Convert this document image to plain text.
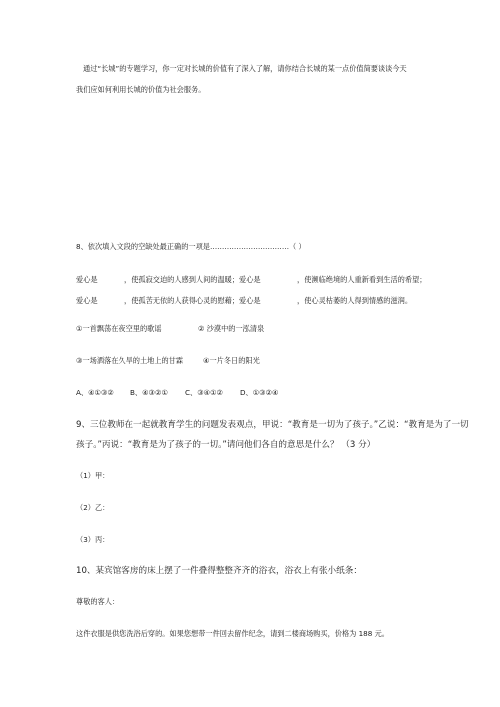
通过“长城”的专题学习，你一定对长城的价值有了深入了解，请你结合长城的某一点价值简要谈谈今天
我们应如何利用长城的价值为社会服务。
8、依次填入文段的空缺处最正确的一项是……………………………（ ）
爱心是	，使孤寂交迫的人感到人间的温暖；爱心是	，使濒临绝境的人重新看到生活的希望；
爱心是	，使孤苦无依的人获得心灵的慰藉；爱心是	，使心灵枯萎的人得到情感的滋润。
①一首飘荡在夜空里的歌谣	② 沙漠中的一泓清泉
③一场洒落在久旱的土地上的甘霖	④一片冬日的阳光
A、④①③② B、④③②① C、③④①② D、①③②④
9、三位教师在一起就教育学生的问题发表观点，甲说：“教育是一切为了孩子。”乙说：“教育是为了一切
孩子。”丙说：“教育是为了孩子的一切。”请问他们各自的意思是什么？ （3 分）
（1）甲：
（2）乙：
（3）丙：
10、某宾馆客房的床上摆了一件叠得整整齐齐的浴衣，浴衣上有张小纸条：
尊敬的客人：
这件衣服是供您洗浴后穿的。如果您想带一件回去留作纪念，请到二楼商场购买，价格为 188 元。
